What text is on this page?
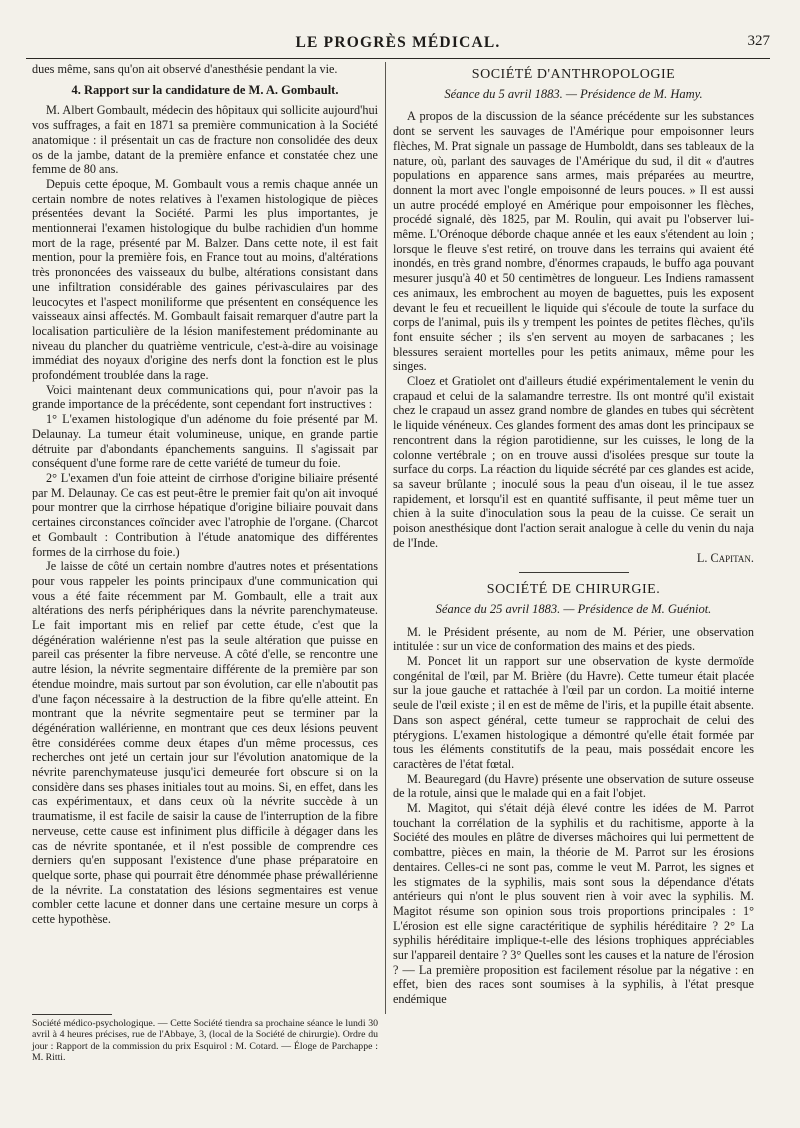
LE PROGRÈS MÉDICAL.	327

dues même, sans qu'on ait observé d'anesthésie pendant la vie.

4. Rapport sur la candidature de M. A. Gombault.

M. Albert Gombault, médecin des hôpitaux qui sollicite aujourd'hui vos suffrages, a fait en 1871 sa première communication à la Société anatomique : il présentait un cas de fracture non consolidée des deux os de la jambe, datant de la première enfance et constatée chez une femme de 80 ans.

Depuis cette époque, M. Gombault vous a remis chaque année un certain nombre de notes relatives à l'examen histologique de pièces présentées devant la Société. Parmi les plus importantes, je mentionnerai l'examen histologique du bulbe rachidien d'un homme mort de la rage, présenté par M. Balzer. Dans cette note, il est fait mention, pour la première fois, en France tout au moins, d'altérations très prononcées des vaisseaux du bulbe, altérations consistant dans une infiltration considérable des gaines périvasculaires par des leucocytes et l'aspect moniliforme que présentent en conséquence les vaisseaux ainsi affectés. M. Gombault faisait remarquer d'autre part la localisation particulière de la lésion manifestement prédominante au niveau du plancher du quatrième ventricule, c'est-à-dire au voisinage immédiat des noyaux d'origine des nerfs dont la fonction est le plus profondément troublée dans la rage.

Voici maintenant deux communications qui, pour n'avoir pas la grande importance de la précédente, sont cependant fort instructives :

1° L'examen histologique d'un adénome du foie présenté par M. Delaunay. La tumeur était volumineuse, unique, en grande partie détruite par d'abondants épanchements sanguins. Il s'agissait par conséquent d'une forme rare de cette variété de tumeur du foie.

2° L'examen d'un foie atteint de cirrhose d'origine biliaire présenté par M. Delaunay. Ce cas est peut-être le premier fait qu'on ait invoqué pour montrer que la cirrhose hépatique d'origine biliaire pouvait dans certaines circonstances coïncider avec l'atrophie de l'organe. (Charcot et Gombault : Contribution à l'étude anatomique des différentes formes de la cirrhose du foie.)

Je laisse de côté un certain nombre d'autres notes et présentations pour vous rappeler les points principaux d'une communication qui vous a été faite récemment par M. Gombault, elle a trait aux altérations des nerfs périphériques dans la névrite parenchymateuse. Le fait important mis en relief par cette étude, c'est que la dégénération walérienne n'est pas la seule altération que puisse en pareil cas présenter la fibre nerveuse. A côté d'elle, se rencontre une autre lésion, la névrite segmentaire différente de la première par son étendue moindre, mais surtout par son évolution, car elle n'aboutit pas d'une façon nécessaire à la destruction de la fibre qu'elle atteint. En montrant que la névrite segmentaire peut se terminer par la dégénération wallérienne, en montrant que ces deux lésions peuvent être considérées comme deux étapes d'un même processus, ces recherches ont jeté un certain jour sur l'évolution anatomique de la névrite parenchymateuse jusqu'ici demeurée fort obscure si on la considère dans ses phases initiales tout au moins. Si, en effet, dans les cas expérimentaux, et dans ceux où la névrite succède à un traumatisme, il est facile de saisir la cause de l'interruption de la fibre nerveuse, cette cause est infiniment plus difficile à dégager dans les cas de névrite spontanée, et il n'est possible de comprendre ces derniers qu'en supposant l'existence d'une phase préparatoire en quelque sorte, phase qui pourrait être dénommée phase préwallérienne de la névrite. La constatation des lésions segmentaires est venue combler cette lacune et donner dans une certaine mesure un corps à cette hypothèse.

SOCIÉTÉ D'ANTHROPOLOGIE
Séance du 5 avril 1883. — Présidence de M. Hamy.

A propos de la discussion de la séance précédente sur les substances dont se servent les sauvages de l'Amérique pour empoisonner leurs flèches, M. Prat signale un passage de Humboldt, dans ses tableaux de la nature, où, parlant des sauvages de l'Amérique du sud, il dit « d'autres populations en apparence sans armes, mais préparées au meurtre, donnent la mort avec l'ongle empoisonné de leurs pouces. » Il est aussi un autre procédé employé en Amérique pour empoisonner les flèches, procédé signalé, dès 1825, par M. Roulin, qui avait pu l'observer lui-même. L'Orénoque déborde chaque année et les eaux s'étendent au loin ; lorsque le fleuve s'est retiré, on trouve dans les terrains qui avaient été inondés, en très grand nombre, d'énormes crapauds, le buffo aga pouvant mesurer jusqu'à 40 et 50 centimètres de longueur. Les Indiens ramassent ces animaux, les embrochent au moyen de baguettes, puis les exposent devant le feu et recueillent le liquide qui s'écoule de toute la surface du corps de l'animal, puis ils y trempent les pointes de petites flèches, qu'ils font ensuite sécher ; ils s'en servent au moyen de sarbacanes ; les blessures seraient mortelles pour les petits animaux, même pour les singes.

Cloez et Gratiolet ont d'ailleurs étudié expérimentalement le venin du crapaud et celui de la salamandre terrestre. Ils ont montré qu'il existait chez le crapaud un assez grand nombre de glandes en tubes qui sécrètent le liquide vénéneux. Ces glandes forment des amas dont les principaux se rencontrent dans la région parotidienne, sur les cuisses, le long de la colonne vertébrale ; on en trouve aussi d'isolées presque sur toute la surface du corps. La réaction du liquide sécrété par ces glandes est acide, sa saveur brûlante ; inoculé sous la peau d'un oiseau, il le tue assez rapidement, et lorsqu'il est en quantité suffisante, il peut même tuer un chien à la suite d'inoculation sous la peau de la cuisse. Ce serait un poison anesthésique dont l'action serait analogue à celle du venin du naja de l'Inde.

L. Capitan.
SOCIÉTÉ DE CHIRURGIE.
Séance du 25 avril 1883. — Présidence de M. Guéniot.

M. le Président présente, au nom de M. Périer, une observation intitulée : sur un vice de conformation des mains et des pieds.

M. Poncet lit un rapport sur une observation de kyste dermoïde congénital de l'œil, par M. Brière (du Havre). Cette tumeur était placée sur la joue gauche et rattachée à l'œil par un cordon. La moitié interne seule de l'œil existe ; il en est de même de l'iris, et la pupille était absente. Dans son aspect général, cette tumeur se rapprochait de celui des ptérygions. L'examen histologique a démontré qu'elle était formée par tous les éléments constitutifs de la peau, mais possédait encore les caractères de l'état fœtal.

M. Beauregard (du Havre) présente une observation de suture osseuse de la rotule, ainsi que le malade qui en a fait l'objet.

M. Magitot, qui s'était déjà élevé contre les idées de M. Parrot touchant la corrélation de la syphilis et du rachitisme, apporte à la Société des moules en plâtre de diverses mâchoires qui lui permettent de combattre, pièces en main, la théorie de M. Parrot sur les érosions dentaires. Celles-ci ne sont pas, comme le veut M. Parrot, les signes et les stigmates de la syphilis, mais sont sous la dépendance d'états antérieurs qui n'ont le plus souvent rien à voir avec la syphilis. M. Magitot résume son opinion sous trois proportions principales : 1° L'érosion est elle signe caractéritique de syphilis héréditaire ? 2° La syphilis héréditaire implique-t-elle des lésions trophiques appréciables sur l'appareil dentaire ? 3° Quelles sont les causes et la nature de l'érosion ? — La première proposition est facilement résolue par la négative : en effet, bien des races sont soumises à la syphilis, à l'état presque endémique

Société médico-psychologique. — Cette Société tiendra sa prochaine séance le lundi 30 avril à 4 heures précises, rue de l'Abbaye, 3, (local de la Société de chirurgie). Ordre du jour : Rapport de la commission du prix Esquirol : M. Cotard. — Éloge de Parchappe : M. Ritti.
